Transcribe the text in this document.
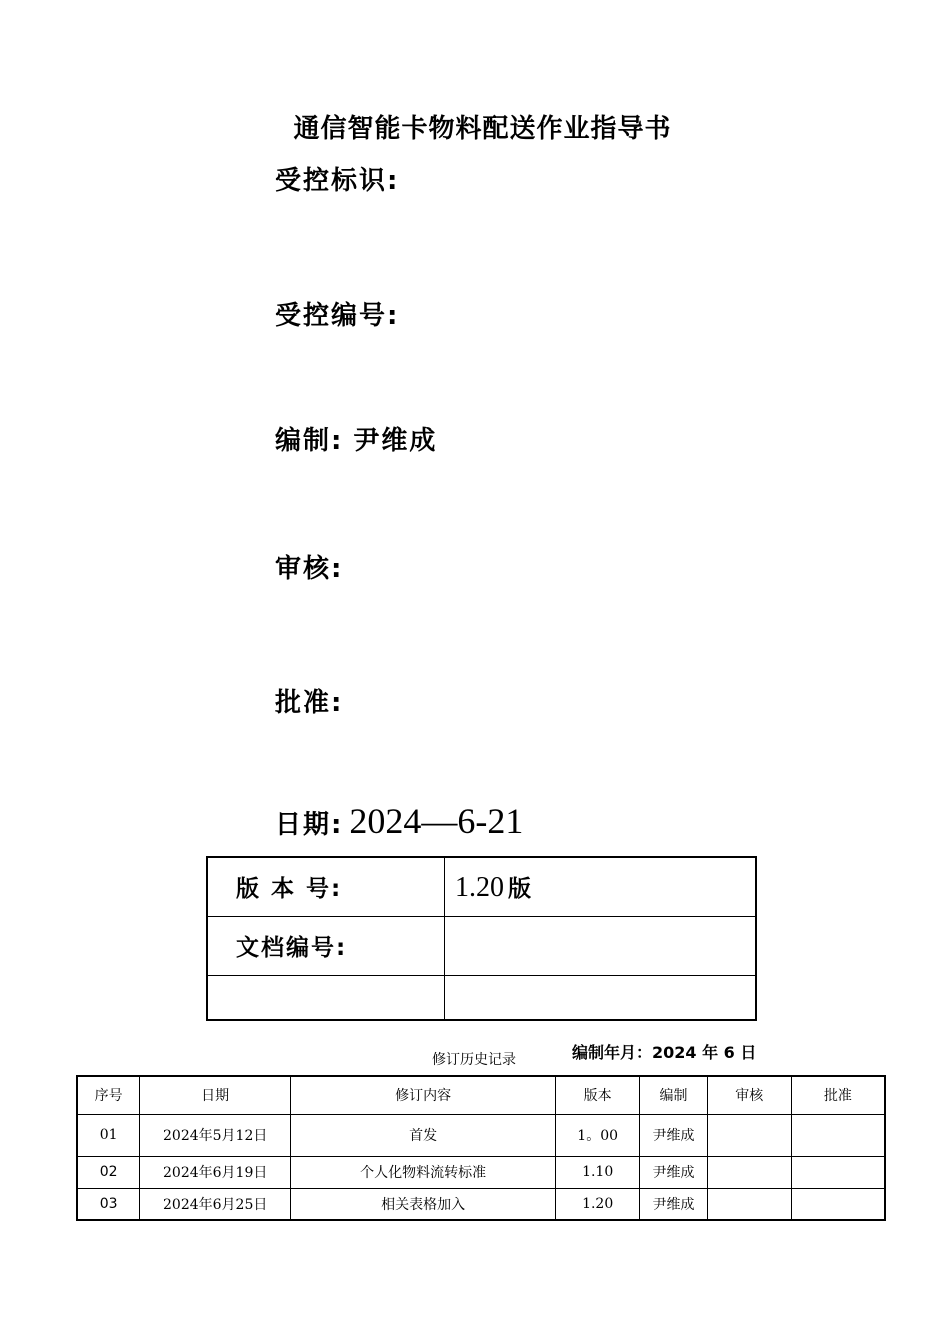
通信智能卡物料配送作业指导书
受控标识:
受控编号:
编制: 尹维成
审核:
批准:
日期: 2024—6-21
版 本 号:	1.20 版
文档编号:	

修订历史记录	编制年月：2024 年 6 日
序号	日期	修订内容	版本	编制	审核	批准
01	2024年5月12日	首发	1。00	尹维成		
02	2024年6月19日	个人化物料流转标准	1.10	尹维成		
03	2024年6月25日	相关表格加入	1.20	尹维成		
